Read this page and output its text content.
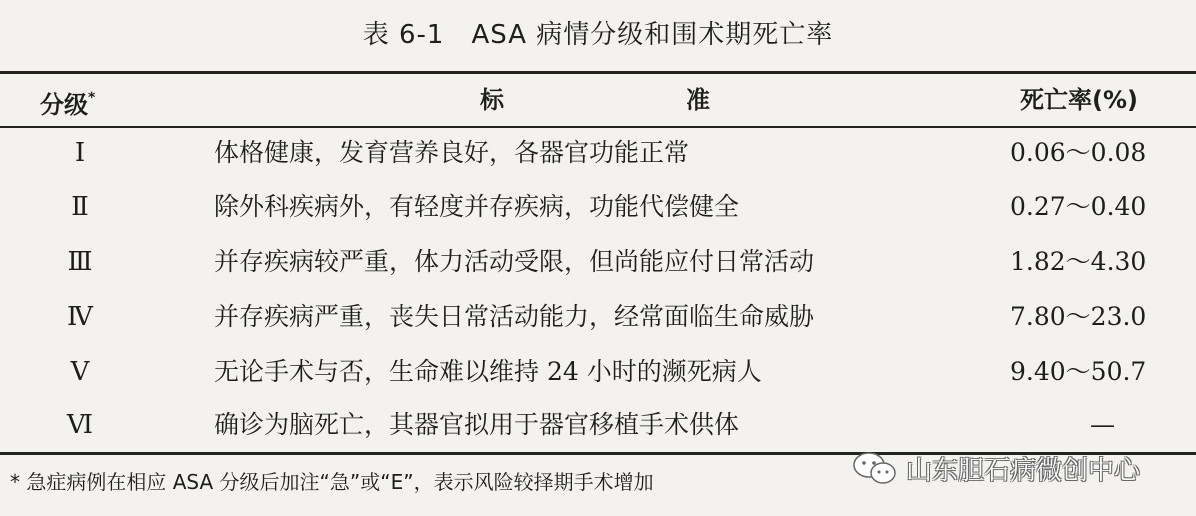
表 6-1　ASA 病情分级和围术期死亡率
分级*	标准	死亡率(%)
Ⅰ	体格健康，发育营养良好，各器官功能正常	0.06～0.08
Ⅱ	除外科疾病外，有轻度并存疾病，功能代偿健全	0.27～0.40
Ⅲ	并存疾病较严重，体力活动受限，但尚能应付日常活动	1.82～4.30
Ⅳ	并存疾病严重，丧失日常活动能力，经常面临生命威胁	7.80～23.0
Ⅴ	无论手术与否，生命难以维持 24 小时的濒死病人	9.40～50.7
Ⅵ	确诊为脑死亡，其器官拟用于器官移植手术供体	—
* 急症病例在相应 ASA 分级后加注“急”或“E”，表示风险较择期手术增加	山东胆石病微创中心
